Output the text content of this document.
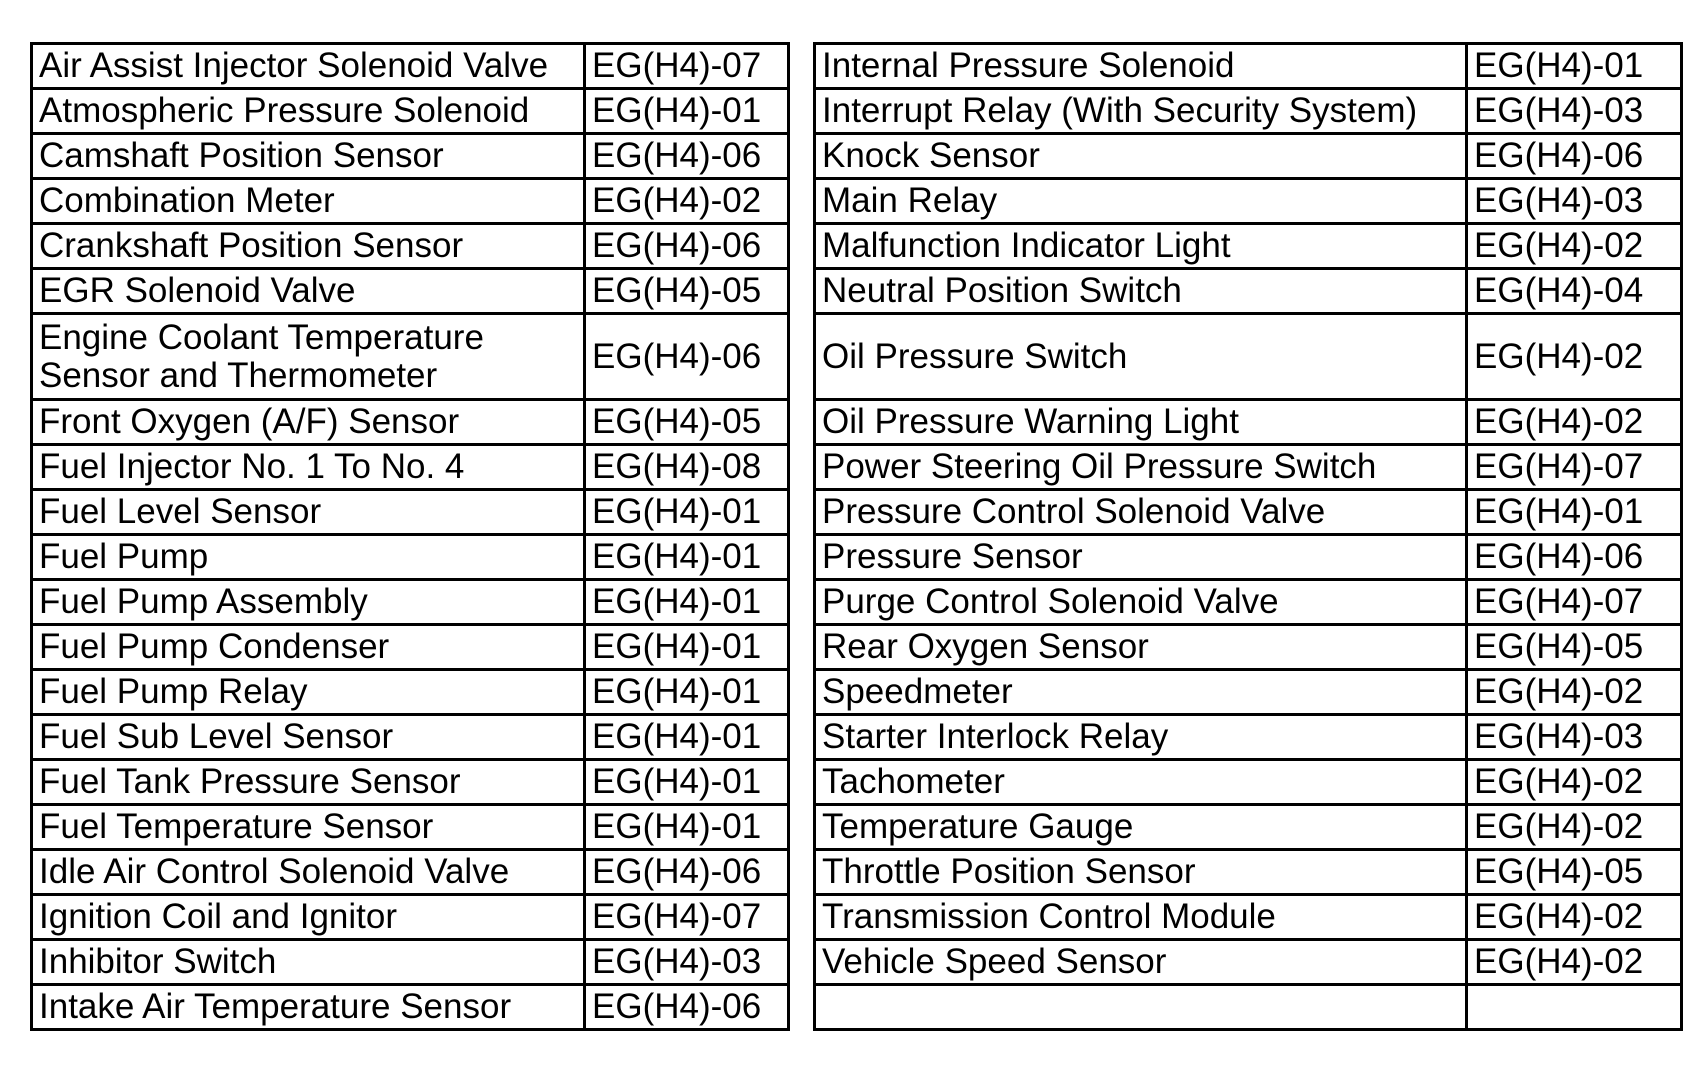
Air Assist Injector Solenoid Valve	EG(H4)-07
Atmospheric Pressure Solenoid	EG(H4)-01
Camshaft Position Sensor	EG(H4)-06
Combination Meter	EG(H4)-02
Crankshaft Position Sensor	EG(H4)-06
EGR Solenoid Valve	EG(H4)-05

Engine Coolant Temperature
Sensor and Thermometer	EG(H4)-06
Front Oxygen (A/F) Sensor	EG(H4)-05
Fuel Injector No. 1 To No. 4	EG(H4)-08
Fuel Level Sensor	EG(H4)-01
Fuel Pump	EG(H4)-01
Fuel Pump Assembly	EG(H4)-01
Fuel Pump Condenser	EG(H4)-01
Fuel Pump Relay	EG(H4)-01
Fuel Sub Level Sensor	EG(H4)-01
Fuel Tank Pressure Sensor	EG(H4)-01
Fuel Temperature Sensor	EG(H4)-01
Idle Air Control Solenoid Valve	EG(H4)-06
Ignition Coil and Ignitor	EG(H4)-07
Inhibitor Switch	EG(H4)-03
Intake Air Temperature Sensor	EG(H4)-06
Internal Pressure Solenoid	EG(H4)-01
Interrupt Relay (With Security System)	EG(H4)-03
Knock Sensor	EG(H4)-06
Main Relay	EG(H4)-03
Malfunction Indicator Light	EG(H4)-02
Neutral Position Switch	EG(H4)-04
Oil Pressure Switch	EG(H4)-02
Oil Pressure Warning Light	EG(H4)-02
Power Steering Oil Pressure Switch	EG(H4)-07
Pressure Control Solenoid Valve	EG(H4)-01
Pressure Sensor	EG(H4)-06
Purge Control Solenoid Valve	EG(H4)-07
Rear Oxygen Sensor	EG(H4)-05
Speedmeter	EG(H4)-02
Starter Interlock Relay	EG(H4)-03
Tachometer	EG(H4)-02
Temperature Gauge	EG(H4)-02
Throttle Position Sensor	EG(H4)-05
Transmission Control Module	EG(H4)-02
Vehicle Speed Sensor	EG(H4)-02
